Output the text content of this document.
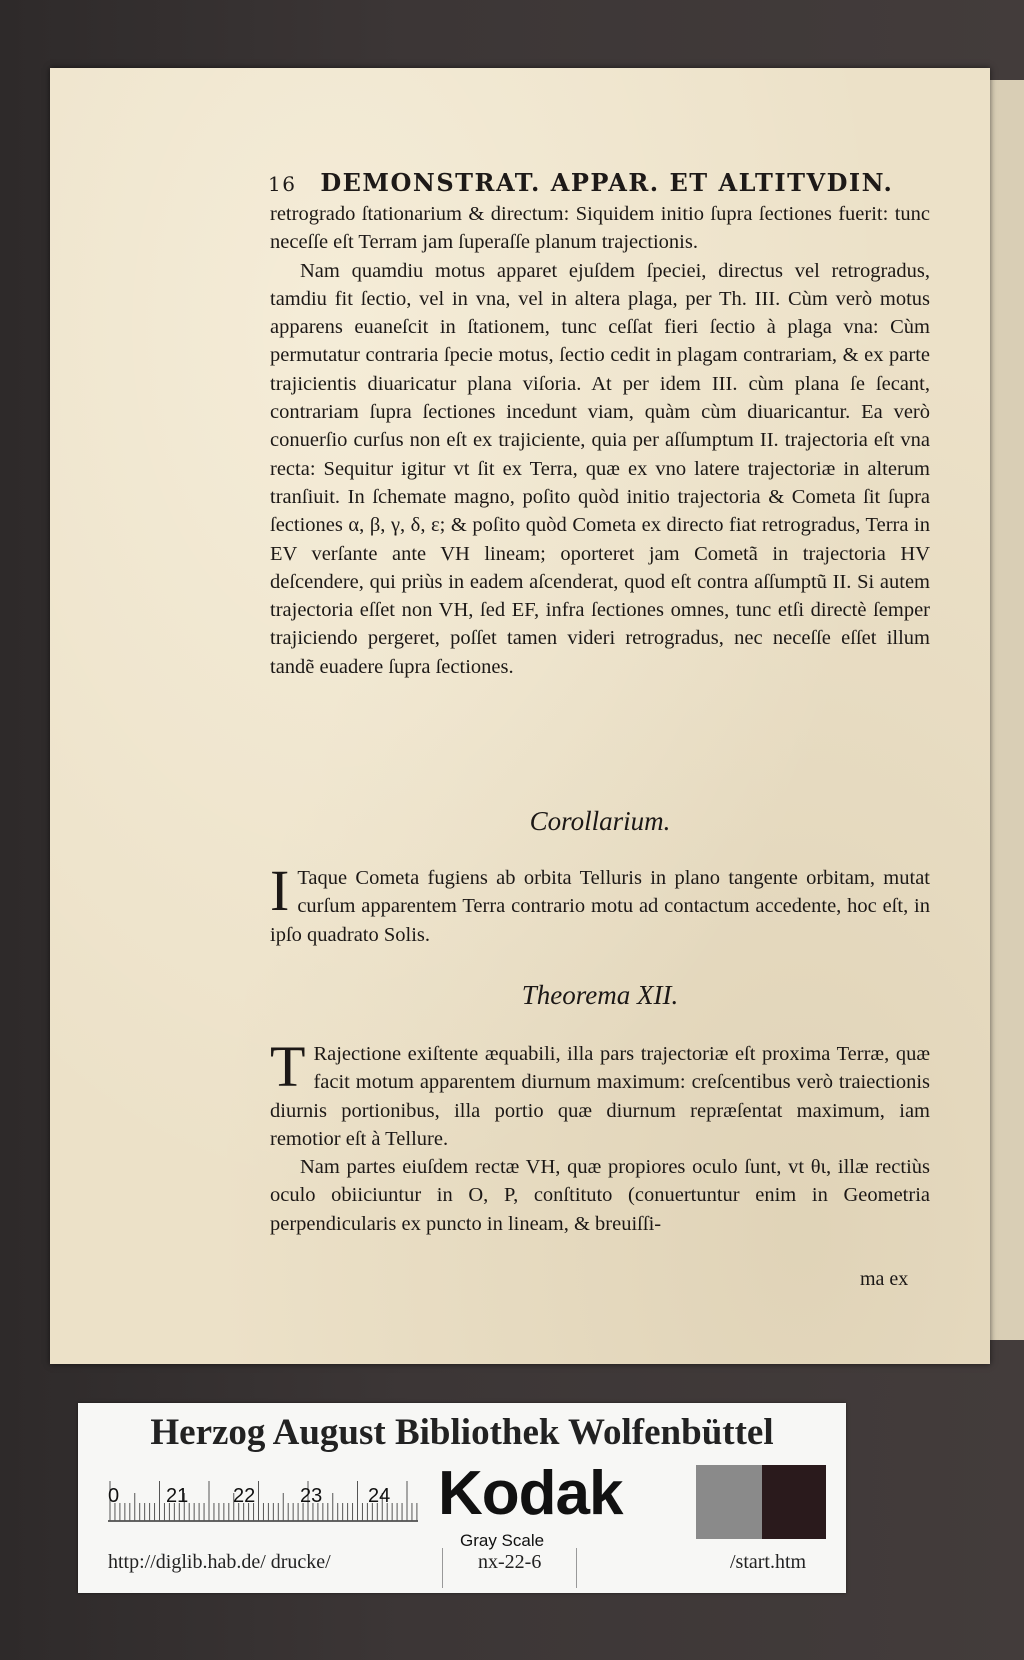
16 DEMONSTRAT. APPAR. ET ALTITVDIN.

retrogrado ſtationarium & directum: Siquidem initio ſupra ſectiones fuerit: tunc neceſſe eſt Terram jam ſuperaſſe planum trajectionis.

Nam quamdiu motus apparet ejuſdem ſpeciei, directus vel retrogradus, tamdiu fit ſectio, vel in vna, vel in altera plaga, per Th. III. Cùm verò motus apparens euaneſcit in ſtationem, tunc ceſſat fieri ſectio à plaga vna: Cùm permutatur contraria ſpecie motus, ſectio cedit in plagam contrariam, & ex parte trajicientis diuaricatur plana viſoria. At per idem III. cùm plana ſe ſecant, contrariam ſupra ſectiones incedunt viam, quàm cùm diuaricantur. Ea verò conuerſio curſus non eſt ex trajiciente, quia per aſſumptum II. trajectoria eſt vna recta: Sequitur igitur vt ſit ex Terra, quæ ex vno latere trajectoriæ in alterum tranſiuit. In ſchemate magno, poſito quòd initio trajectoria & Cometa ſit ſupra ſectiones α, β, γ, δ, ε; & poſito quòd Cometa ex directo fiat retrogradus, Terra in EV verſante ante VH lineam; oporteret jam Cometã in trajectoria HV deſcendere, qui priùs in eadem aſcenderat, quod eſt contra aſſumptũ II. Si autem trajectoria eſſet non VH, ſed EF, infra ſectiones omnes, tunc etſi directè ſemper trajiciendo pergeret, poſſet tamen videri retrogradus, nec neceſſe eſſet illum tandẽ euadere ſupra ſectiones.

Corollarium.
I Taque Cometa fugiens ab orbita Telluris in plano tangente orbitam, mutat curſum apparentem Terra contrario motu ad contactum accedente, hoc eſt, in ipſo quadrato Solis.
Theorema XII.

T Rajectione exiſtente æquabili, illa pars trajectoriæ eſt proxima Terræ, quæ facit motum apparentem diurnum maximum: creſcentibus verò traiectionis diurnis portionibus, illa portio quæ diurnum repræſentat maximum, iam remotior eſt à Tellure.

Nam partes eiuſdem rectæ VH, quæ propiores oculo ſunt, vt θι, illæ rectiùs oculo obiiciuntur in O, P, conſtituto (conuertuntur enim in Geometria perpendicularis ex puncto in lineam, & breuiſſi-

ma ex
Herzog August Bibliothek Wolfenbüttel
0 21 22 23 24 Kodak
Gray Scale
http://diglib.hab.de/ drucke/	nx-22-6	/start.htm
